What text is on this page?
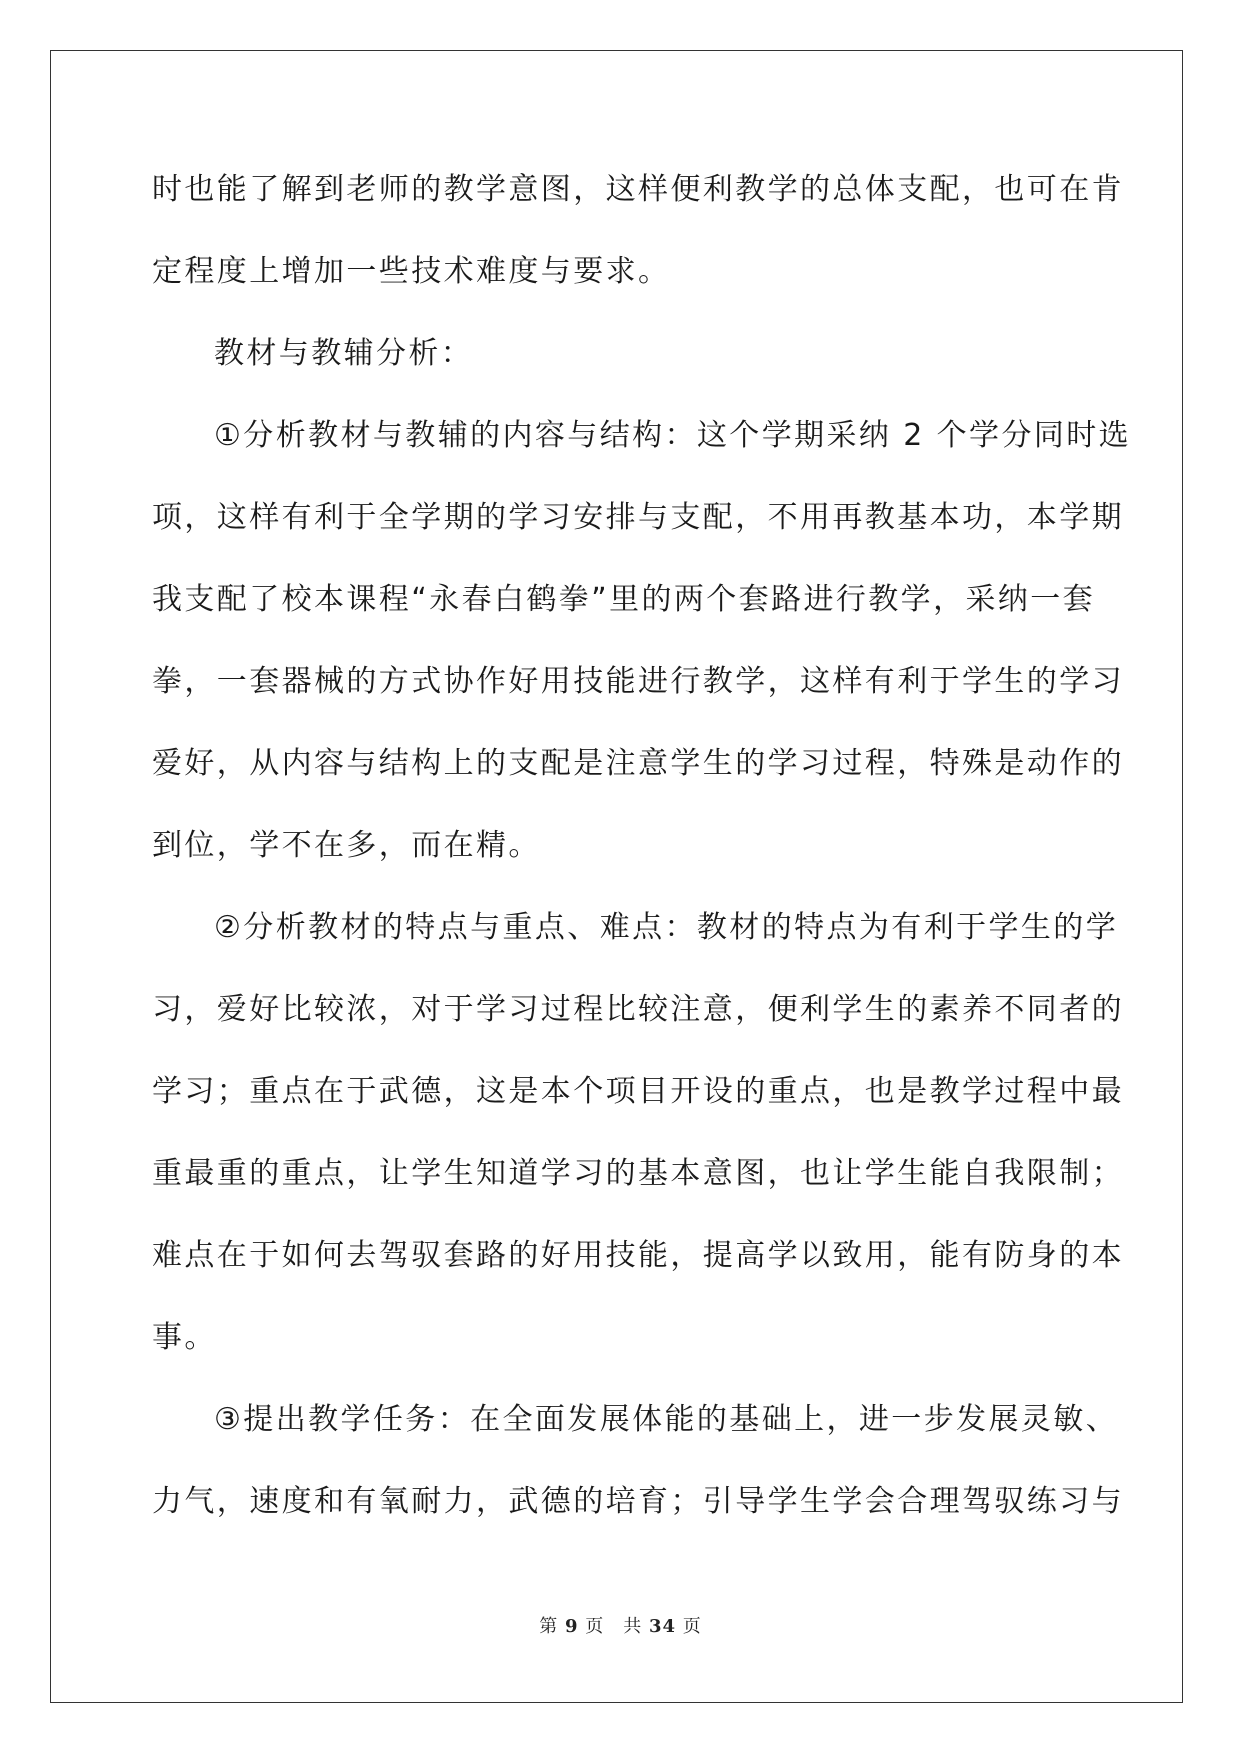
时也能了解到老师的教学意图，这样便利教学的总体支配，也可在肯
定程度上增加一些技术难度与要求。
教材与教辅分析：
①分析教材与教辅的内容与结构：这个学期采纳 2 个学分同时选
项，这样有利于全学期的学习安排与支配，不用再教基本功，本学期
我支配了校本课程“永春白鹤拳”里的两个套路进行教学，采纳一套
拳，一套器械的方式协作好用技能进行教学，这样有利于学生的学习
爱好，从内容与结构上的支配是注意学生的学习过程，特殊是动作的
到位，学不在多，而在精。
②分析教材的特点与重点、难点：教材的特点为有利于学生的学
习，爱好比较浓，对于学习过程比较注意，便利学生的素养不同者的
学习；重点在于武德，这是本个项目开设的重点，也是教学过程中最
重最重的重点，让学生知道学习的基本意图，也让学生能自我限制；
难点在于如何去驾驭套路的好用技能，提高学以致用，能有防身的本
事。
③提出教学任务：在全面发展体能的基础上，进一步发展灵敏、
力气，速度和有氧耐力，武德的培育；引导学生学会合理驾驭练习与
第 9 页　共 34 页
